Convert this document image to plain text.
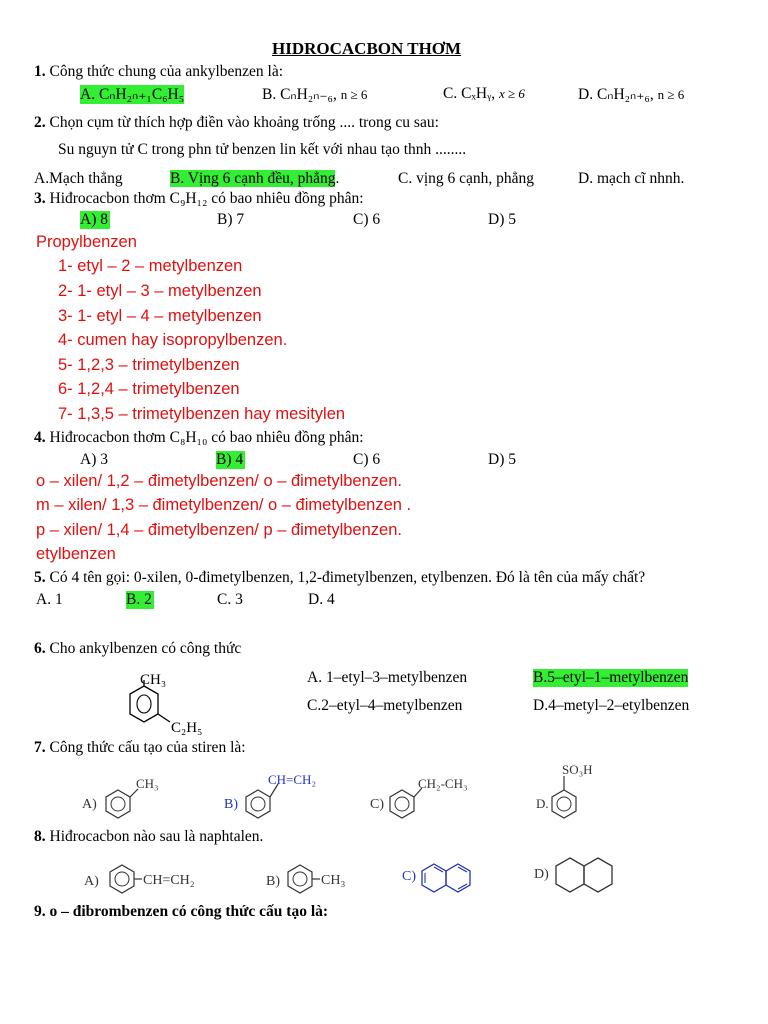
HIDROCACBON THƠM
1. Công thức chung của ankylbenzen là:
A. CₙH₂ₙ₊₁C₆H₅	B. CₙH₂ₙ₋₆, n ≥ 6	C. CₓHᵧ, x ≥ 6	D. CₙH₂ₙ₊₆, n ≥ 6
2. Chọn cụm từ thích hợp điền vào khoảng trống .... trong cu sau:
Su nguyn tử C trong phn tử benzen lin kết với nhau tạo thnh ........
A.Mạch thẳng	B. Vịng 6 cạnh đều, phẳng.	C. vịng 6 cạnh, phẳng	D. mạch cĩ nhnh.
3. Hiđrocacbon thơm C₉H₁₂ có bao nhiêu đồng phân:
A) 8	B) 7	C) 6	D) 5
Propylbenzen
1- etyl – 2 – metylbenzen
2- 1- etyl – 3 – metylbenzen
3- 1- etyl – 4 – metylbenzen
4- cumen hay isopropylbenzen.
5- 1,2,3 – trimetylbenzen
6- 1,2,4 – trimetylbenzen
7- 1,3,5 – trimetylbenzen hay mesitylen
4. Hiđrocacbon thơm C₈H₁₀ có bao nhiêu đồng phân:
A) 3	B) 4	C) 6	D) 5
o – xilen/ 1,2 – đimetylbenzen/ o – đimetylbenzen.
m – xilen/ 1,3 – đimetylbenzen/ o – đimetylbenzen .
p – xilen/ 1,4 – đimetylbenzen/ p – đimetylbenzen.
etylbenzen
5. Có 4 tên gọi: 0-xilen, 0-đimetylbenzen, 1,2-đimetylbenzen, etylbenzen. Đó là tên của mấy chất?
A. 1	B. 2	C. 3	D. 4
6. Cho ankylbenzen có công thức
CH₃
C₂H₅
A. 1–etyl–3–metylbenzen	B.5–etyl–1–metylbenzen
C.2–etyl–4–metylbenzen	D.4–metyl–2–etylbenzen
7. Công thức cấu tạo của stiren là:
A)
CH₃
B)
CH=CH₂
C)
CH₂-CH₃
D.
SO₃H
8. Hiđrocacbon nào sau là naphtalen.
A)	CH=CH₂	B)	CH₃	C)	D)
9. o – đibrombenzen có công thức cấu tạo là:
